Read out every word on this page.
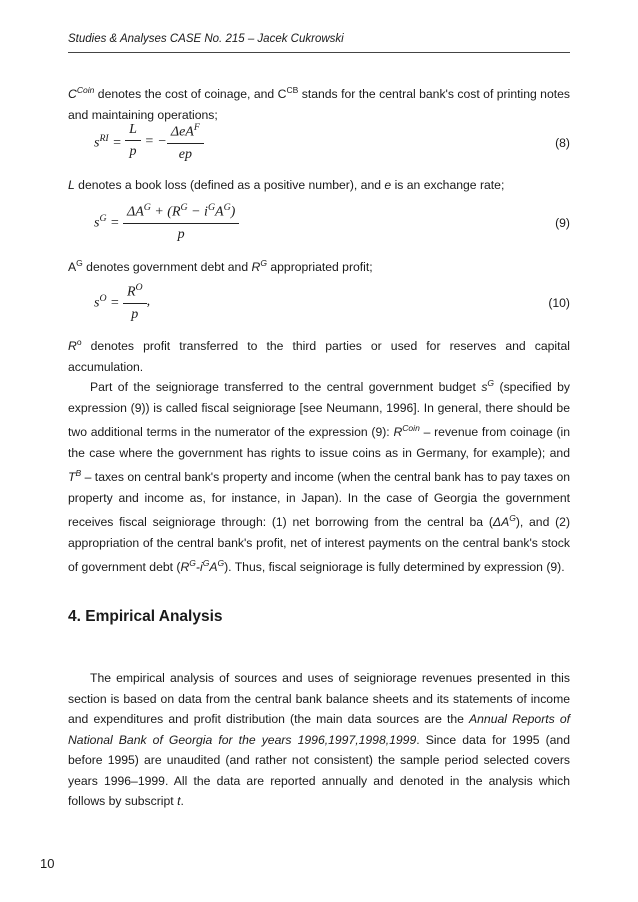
Studies & Analyses CASE No. 215 – Jacek Cukrowski

$C^{Coin}$ denotes the cost of coinage, and $C^{CB}$ stands for the central bank's cost of printing notes and maintaining operations;

$s^{RI} = \frac{L}{p}$ = − $\frac{\Delta eA^F}{ep}$	(8)

L denotes a book loss (defined as a positive number), and e is an exchange rate;

$s^G = \frac{\Delta A^G + (R^G - i^GA^G)}{p}$	(9)

$A^G$ denotes government debt and $R^G$ appropriated profit;

$s^O = \frac{R^O}{p}$ ,	(10)

$R^o$ denotes profit transferred to the third parties or used for reserves and capital accumulation.

Part of the seigniorage transferred to the central government budget $s^G$ (specified by expression (9)) is called fiscal seigniorage [see Neumann, 1996]. In general, there should be two additional terms in the numerator of the expression (9): $R^{Coin}$ – revenue from coinage (in the case where the government has rights to issue coins as in Germany, for example); and $T^B$ – taxes on central bank's property and income (when the central bank has to pay taxes on property and income as, for instance, in Japan). In the case of Georgia the government receives fiscal seigniorage through: (1) net borrowing from the central ba $(\Delta A^G)$, and (2) appropriation of the central bank's profit, net of interest payments on the central bank's stock of government debt $(R^G-i^GA^G)$. Thus, fiscal seigniorage is fully determined by expression (9).

4. Empirical Analysis

The empirical analysis of sources and uses of seigniorage revenues presented in this section is based on data from the central bank balance sheets and its statements of income and expenditures and profit distribution (the main data sources are the Annual Reports of National Bank of Georgia for the years 1996,1997,1998,1999. Since data for 1995 (and before 1995) are unaudited (and rather not consistent) the sample period selected covers years 1996–1999. All the data are reported annually and denoted in the analysis which follows by subscript t.

10
